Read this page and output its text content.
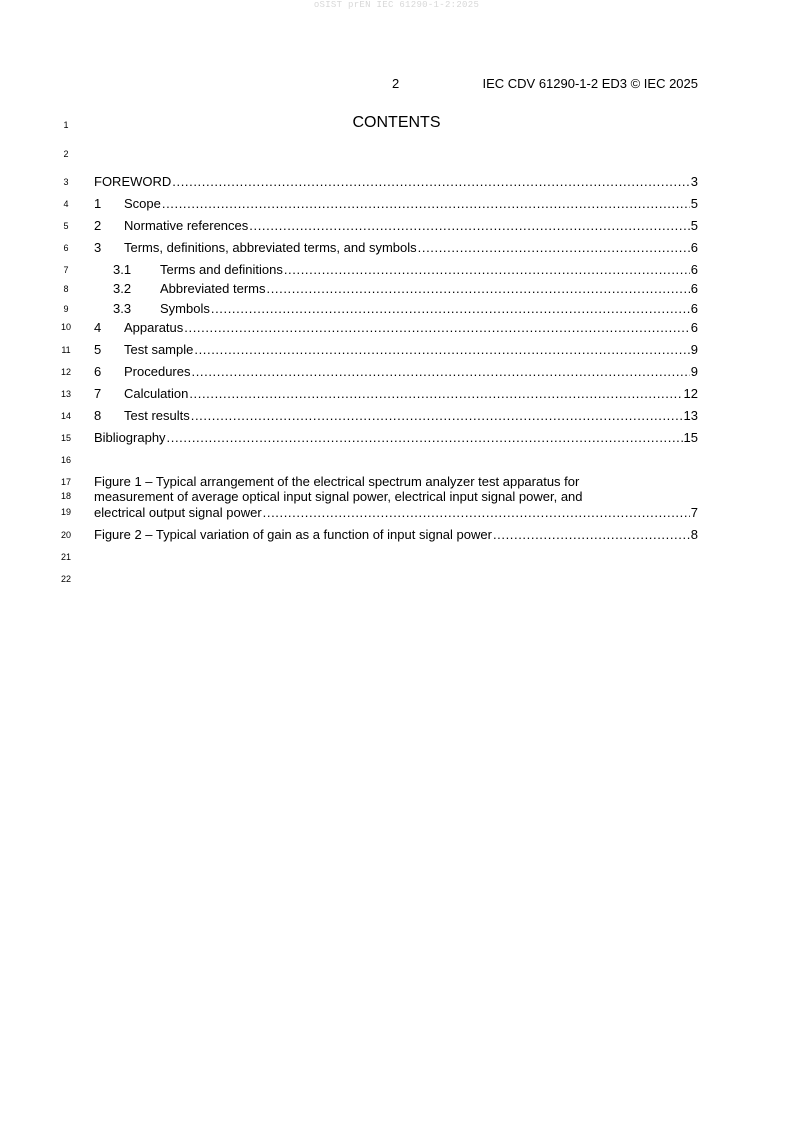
oSIST prEN IEC 61290-1-2:2025
2	IEC CDV 61290-1-2 ED3 © IEC 2025
CONTENTS
1
2
3
4
5
6
7
8
9
10
11
12
13
14
15
16
17
18
19
20
21
22
FOREWORD .....	3
1	Scope .....	5
2	Normative references .....	5
3	Terms, definitions, abbreviated terms, and symbols .....	6
3.1	Terms and definitions .....	6
3.2	Abbreviated terms .....	6
3.3	Symbols .....	6
4	Apparatus .....	6
5	Test sample .....	9
6	Procedures .....	9
7	Calculation .....	12
8	Test results .....	13
Bibliography .....	15
Figure 1 – Typical arrangement of the electrical spectrum analyzer test apparatus for
measurement of average optical input signal power, electrical input signal power, and
electrical output signal power .....	7
Figure 2 – Typical variation of gain as a function of input signal power .....	8
